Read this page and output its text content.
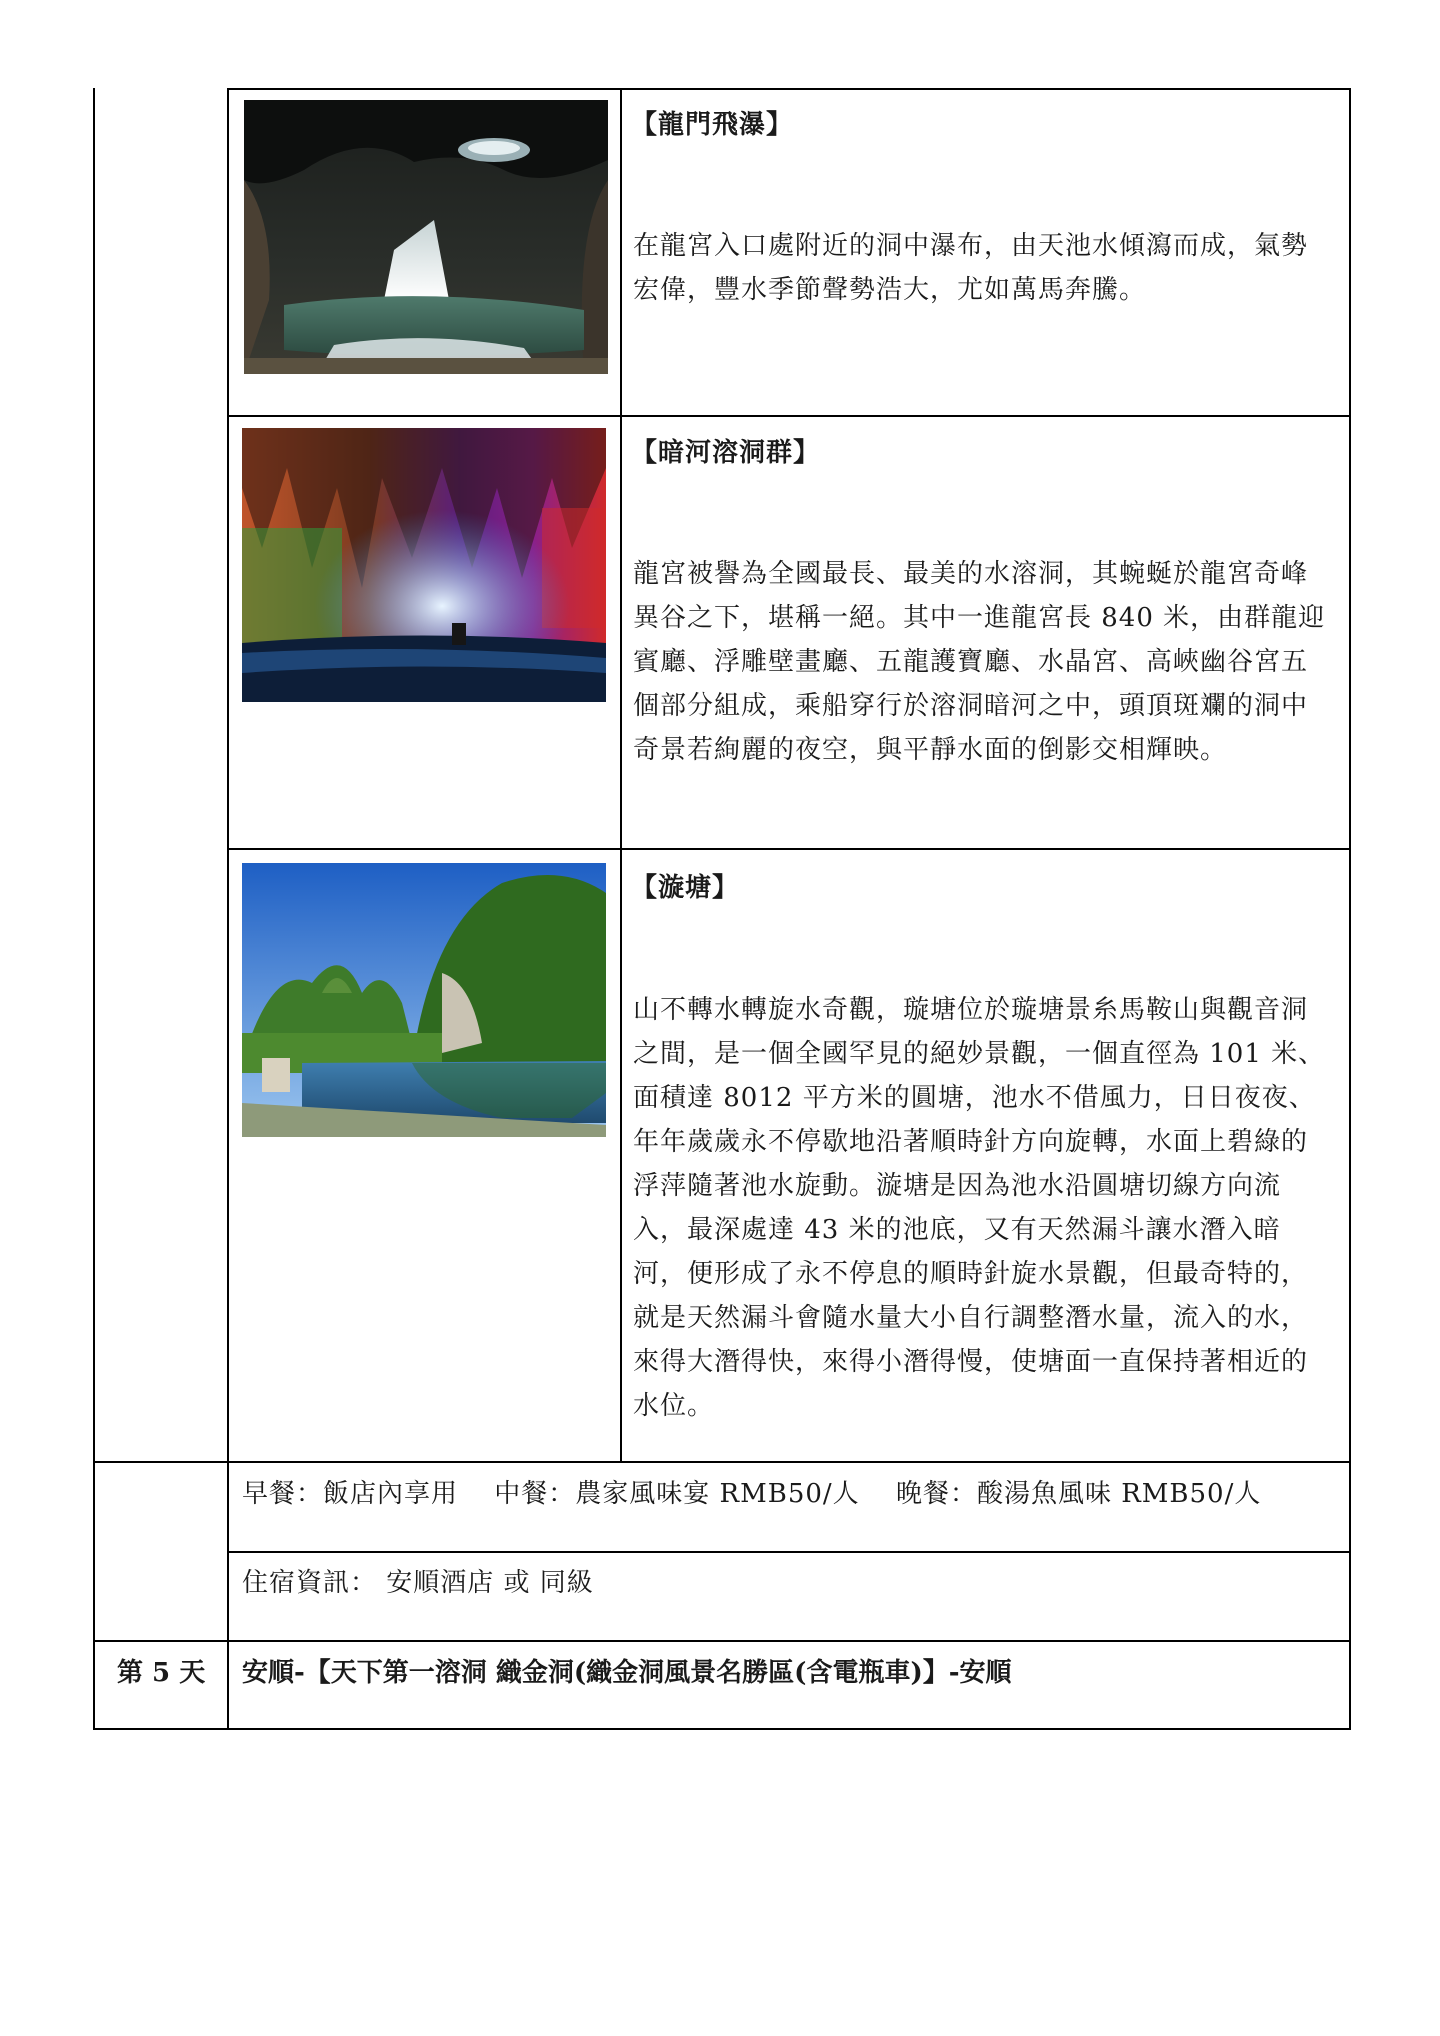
【龍門飛瀑】
在龍宮入口處附近的洞中瀑布，由天池水傾瀉而成，氣勢宏偉，豐水季節聲勢浩大，尤如萬馬奔騰。
【暗河溶洞群】
龍宮被譽為全國最長、最美的水溶洞，其蜿蜒於龍宮奇峰異谷之下，堪稱一絕。其中一進龍宮長 840 米，由群龍迎賓廳、浮雕壁畫廳、五龍護寶廳、水晶宮、高峽幽谷宮五個部分組成，乘船穿行於溶洞暗河之中，頭頂斑斕的洞中奇景若絢麗的夜空，與平靜水面的倒影交相輝映。
【漩塘】
山不轉水轉旋水奇觀，璇塘位於璇塘景糸馬鞍山與觀音洞之間，是一個全國罕見的絕妙景觀，一個直徑為 101 米、面積達 8012 平方米的圓塘，池水不借風力，日日夜夜、年年歲歲永不停歇地沿著順時針方向旋轉，水面上碧綠的浮萍隨著池水旋動。漩塘是因為池水沿圓塘切線方向流入，最深處達 43 米的池底，又有天然漏斗讓水潛入暗河，便形成了永不停息的順時針旋水景觀，但最奇特的，就是天然漏斗會隨水量大小自行調整潛水量，流入的水，來得大潛得快，來得小潛得慢，使塘面一直保持著相近的水位。
早餐：飯店內享用　 中餐：農家風味宴 RMB50/人　 晚餐：酸湯魚風味 RMB50/人
住宿資訊： 安順酒店 或 同級
第 5 天 安順-【天下第一溶洞 織金洞(織金洞風景名勝區(含電瓶車)】-安順
